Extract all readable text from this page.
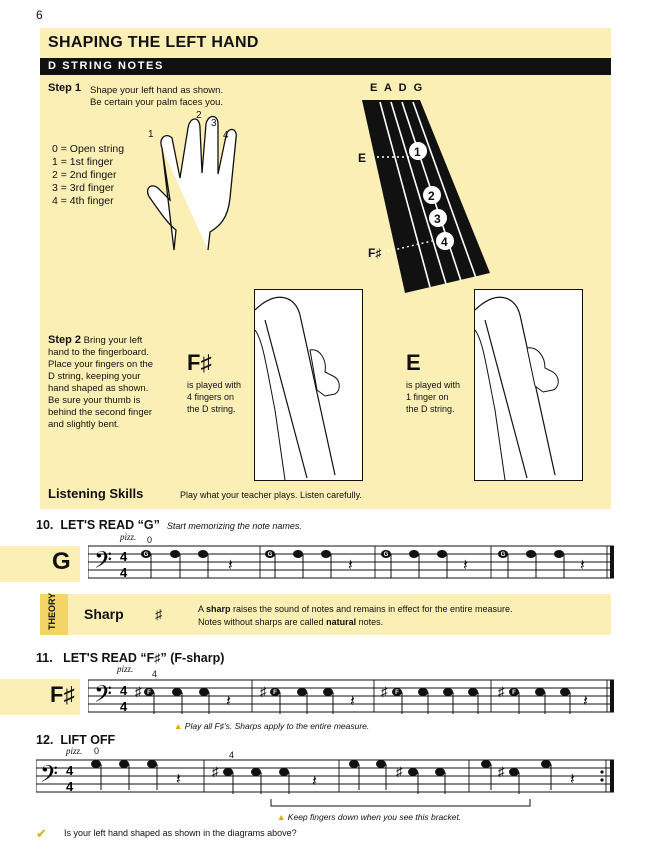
6
SHAPING THE LEFT HAND
D STRING NOTES
Step 1 Shape your left hand as shown.
Be certain your palm faces you.
0 = Open string
1 = 1st finger
2 = 2nd finger
3 = 3rd finger
4 = 4th finger
1
2
3
4
E A D G
E
F♯
1
2
3
4
Step 2 Bring your left
hand to the fingerboard.
Place your fingers on the
D string, keeping your
hand shaped as shown.
Be sure your thumb is
behind the second finger
and slightly bent.
F♯
is played with
4 fingers on
the D string.
E
is played with
1 finger on
the D string.
Listening Skills	Play what your teacher plays. Listen carefully.
10. LET'S READ “G” Start memorizing the note names.
G
pizz. 0
𝄢 4
4	𝄽	𝄽	𝄽	𝄽
G	G	G	G
THEORY Sharp ♯	A sharp raises the sound of notes and remains in effect for the entire measure.
Notes without sharps are called natural notes.
11. LET'S READ “F♯” (F-sharp)
F♯
pizz. 4
𝄢 4
4
♯
𝄽
♯
𝄽
♯	♯
𝄽
F	F	F	F
▲ Play all F♯'s. Sharps apply to the entire measure.
12. LIFT OFF
pizz. 0	4
𝄢 4
4	𝄽 ♯
𝄽
♯	♯	𝄽
▲ Keep fingers down when you see this bracket.
✔ Is your left hand shaped as shown in the diagrams above?
